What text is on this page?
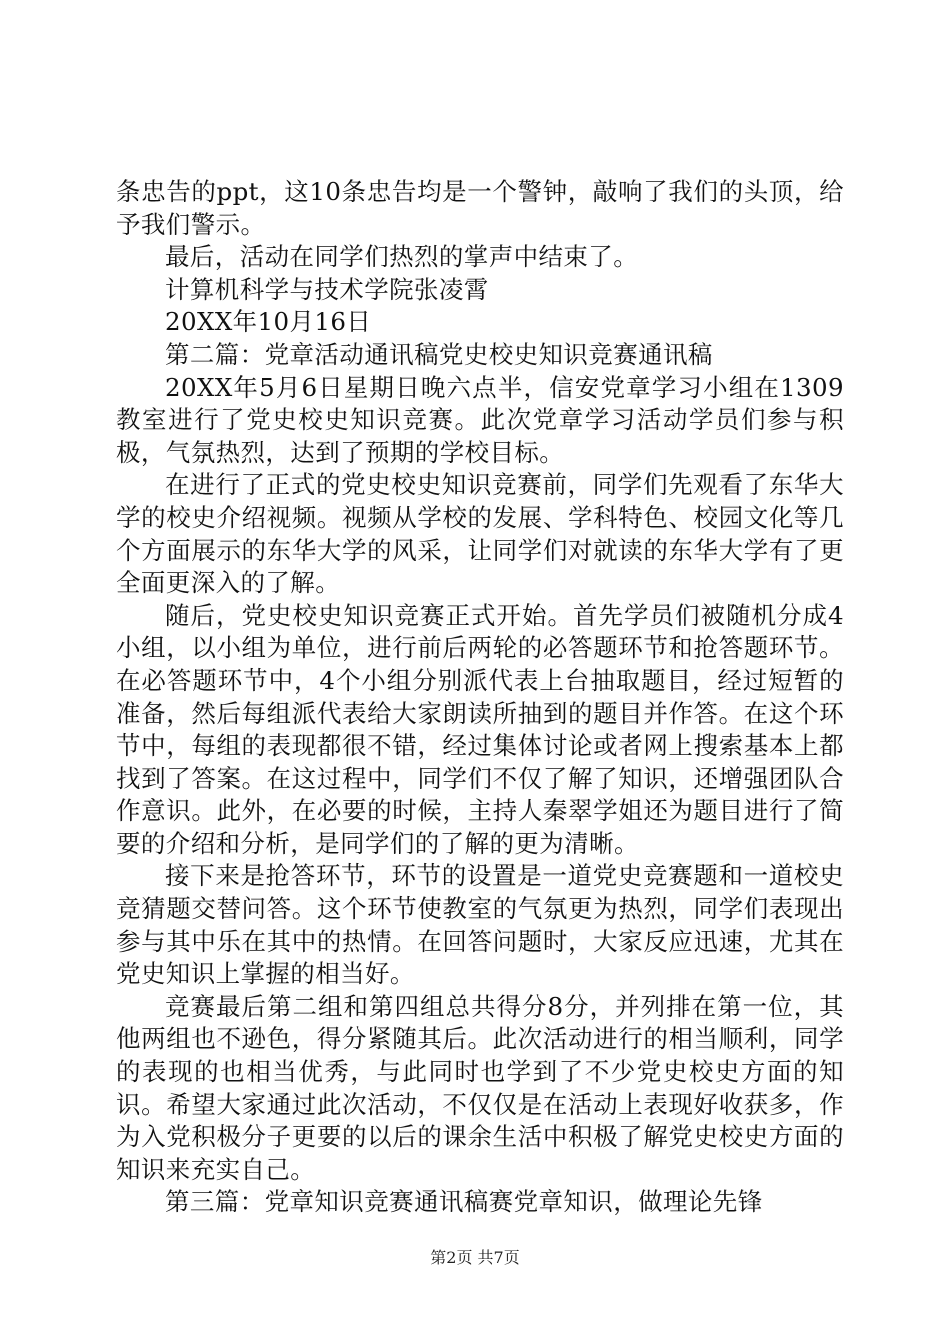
条忠告的ppt，这10条忠告均是一个警钟，敲响了我们的头顶，给予我们警示。

最后，活动在同学们热烈的掌声中结束了。

计算机科学与技术学院张凌霄

20XX年10月16日

第二篇：党章活动通讯稿党史校史知识竞赛通讯稿

20XX年5月6日星期日晚六点半，信安党章学习小组在1309教室进行了党史校史知识竞赛。此次党章学习活动学员们参与积极，气氛热烈，达到了预期的学校目标。

在进行了正式的党史校史知识竞赛前，同学们先观看了东华大学的校史介绍视频。视频从学校的发展、学科特色、校园文化等几个方面展示的东华大学的风采，让同学们对就读的东华大学有了更全面更深入的了解。

随后，党史校史知识竞赛正式开始。首先学员们被随机分成4小组，以小组为单位，进行前后两轮的必答题环节和抢答题环节。在必答题环节中，4个小组分别派代表上台抽取题目，经过短暂的准备，然后每组派代表给大家朗读所抽到的题目并作答。在这个环节中，每组的表现都很不错，经过集体讨论或者网上搜索基本上都找到了答案。在这过程中，同学们不仅了解了知识，还增强团队合作意识。此外，在必要的时候，主持人秦翠学姐还为题目进行了简要的介绍和分析，是同学们的了解的更为清晰。

接下来是抢答环节，环节的设置是一道党史竞赛题和一道校史竞猜题交替问答。这个环节使教室的气氛更为热烈，同学们表现出参与其中乐在其中的热情。在回答问题时，大家反应迅速，尤其在党史知识上掌握的相当好。

竞赛最后第二组和第四组总共得分8分，并列排在第一位，其他两组也不逊色，得分紧随其后。此次活动进行的相当顺利，同学的表现的也相当优秀，与此同时也学到了不少党史校史方面的知识。希望大家通过此次活动，不仅仅是在活动上表现好收获多，作为入党积极分子更要的以后的课余生活中积极了解党史校史方面的知识来充实自己。

第三篇：党章知识竞赛通讯稿赛党章知识，做理论先锋

第2页 共7页
